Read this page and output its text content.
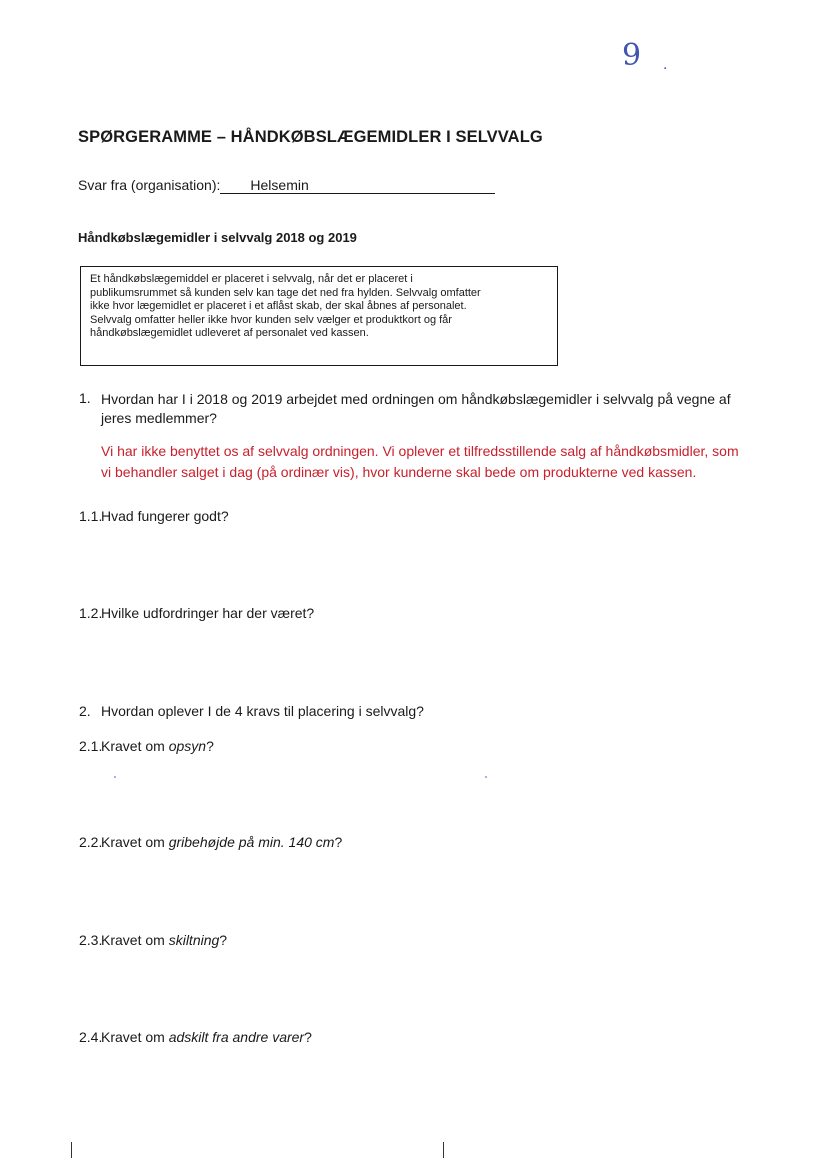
9 .
SPØRGERAMME – HÅNDKØBSLÆGEMIDLER I SELVVALG
Svar fra (organisation): Helsemin
Håndkøbslægemidler i selvvalg 2018 og 2019
Et håndkøbslægemiddel er placeret i selvvalg, når det er placeret i
publikumsrummet så kunden selv kan tage det ned fra hylden. Selvvalg omfatter
ikke hvor lægemidlet er placeret i et aflåst skab, der skal åbnes af personalet.
Selvvalg omfatter heller ikke hvor kunden selv vælger et produktkort og får
håndkøbslægemidlet udleveret af personalet ved kassen.
1. Hvordan har I i 2018 og 2019 arbejdet med ordningen om håndkøbslægemidler i selvvalg på vegne af
jeres medlemmer?
Vi har ikke benyttet os af selvvalg ordningen. Vi oplever et tilfredsstillende salg af håndkøbsmidler, som
vi behandler salget i dag (på ordinær vis), hvor kunderne skal bede om produkterne ved kassen.
1.1.
Hvad fungerer godt?
1.2.
Hvilke udfordringer har der været?
2. Hvordan oplever I de 4 kravs til placering i selvvalg?
2.1.
Kravet om opsyn?
2.2.
Kravet om gribehøjde på min. 140 cm?
2.3.
Kravet om skiltning?
2.4.
Kravet om adskilt fra andre varer?
